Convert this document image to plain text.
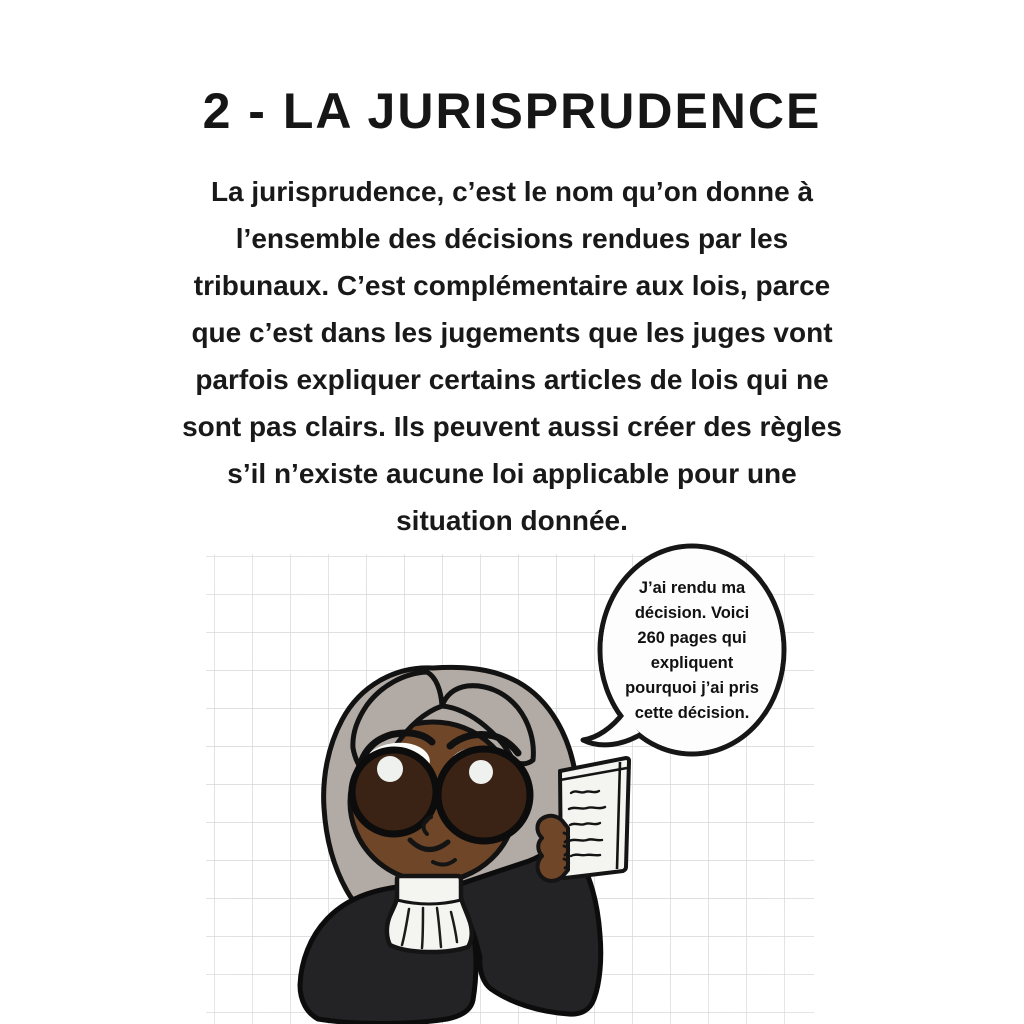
2 - LA JURISPRUDENCE
La jurisprudence, c’est le nom qu’on donne à
l’ensemble des décisions rendues par les
tribunaux. C’est complémentaire aux lois, parce
que c’est dans les jugements que les juges vont
parfois expliquer certains articles de lois qui ne
sont pas clairs. Ils peuvent aussi créer des règles
s’il n’existe aucune loi applicable pour une
situation donnée.
J’ai rendu ma
décision. Voici
260 pages qui
expliquent
pourquoi j’ai pris
cette décision.
